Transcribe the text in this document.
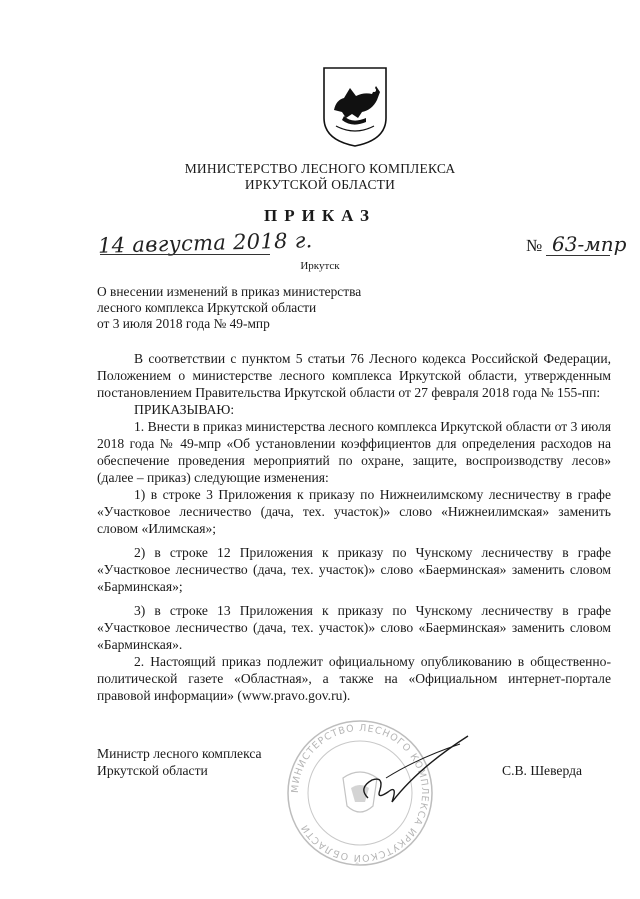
МИНИСТЕРСТВО ЛЕСНОГО КОМПЛЕКСА
ИРКУТСКОЙ ОБЛАСТИ
ПРИКАЗ
14 августа 2018 г.	№ 63-мпр
Иркутск
О внесении изменений в приказ министерства
лесного комплекса Иркутской области
от 3 июля 2018 года № 49-мпр

В соответствии с пунктом 5 статьи 76 Лесного кодекса Российской Федерации, Положением о министерстве лесного комплекса Иркутской области, утвержденным постановлением Правительства Иркутской области от 27 февраля 2018 года № 155-пп:

ПРИКАЗЫВАЮ:

1. Внести в приказ министерства лесного комплекса Иркутской области от 3 июля 2018 года № 49-мпр «Об установлении коэффициентов для определения расходов на обеспечение проведения мероприятий по охране, защите, воспроизводству лесов» (далее – приказ) следующие изменения:

1) в строке 3 Приложения к приказу по Нижнеилимскому лесничеству в графе «Участковое лесничество (дача, тех. участок)» слово «Нижнеилимская» заменить словом «Илимская»;

2) в строке 12 Приложения к приказу по Чунскому лесничеству в графе «Участковое лесничество (дача, тех. участок)» слово «Баерминская» заменить словом «Барминская»;

3) в строке 13 Приложения к приказу по Чунскому лесничеству в графе «Участковое лесничество (дача, тех. участок)» слово «Баерминская» заменить словом «Барминская».

2. Настоящий приказ подлежит официальному опубликованию в общественно-политической газете «Областная», а также на «Официальном интернет-портале правовой информации» (www.pravo.gov.ru).

МИНИСТЕРСТВО ЛЕСНОГО КОМПЛЕКСА ИРКУТСКОЙ ОБЛАСТИ
Министр лесного комплекса
Иркутской области	С.В. Шеверда
